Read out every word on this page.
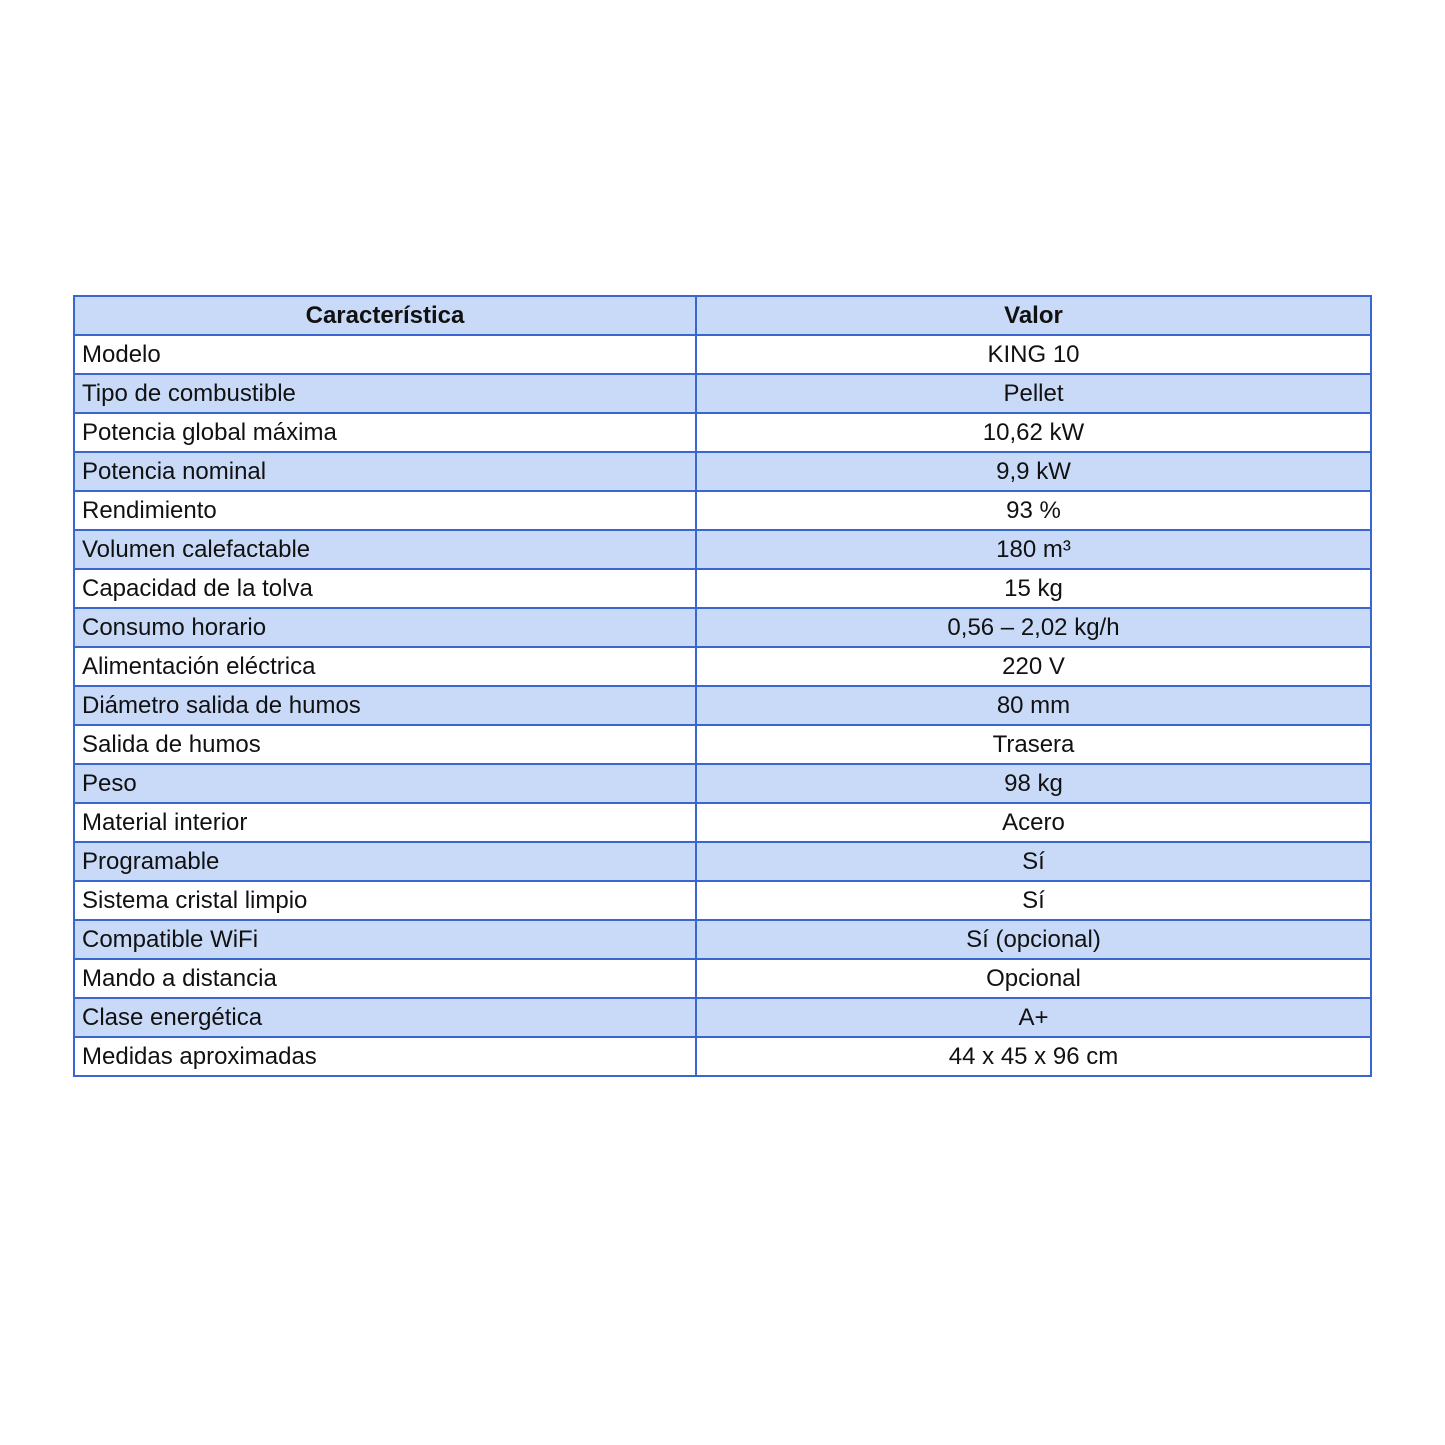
Característica	Valor
Modelo	KING 10
Tipo de combustible	Pellet
Potencia global máxima	10,62 kW
Potencia nominal	9,9 kW
Rendimiento	93 %
Volumen calefactable	180 m³
Capacidad de la tolva	15 kg
Consumo horario	0,56 – 2,02 kg/h
Alimentación eléctrica	220 V
Diámetro salida de humos	80 mm
Salida de humos	Trasera
Peso	98 kg
Material interior	Acero
Programable	Sí
Sistema cristal limpio	Sí
Compatible WiFi	Sí (opcional)
Mando a distancia	Opcional
Clase energética	A+
Medidas aproximadas	44 x 45 x 96 cm
